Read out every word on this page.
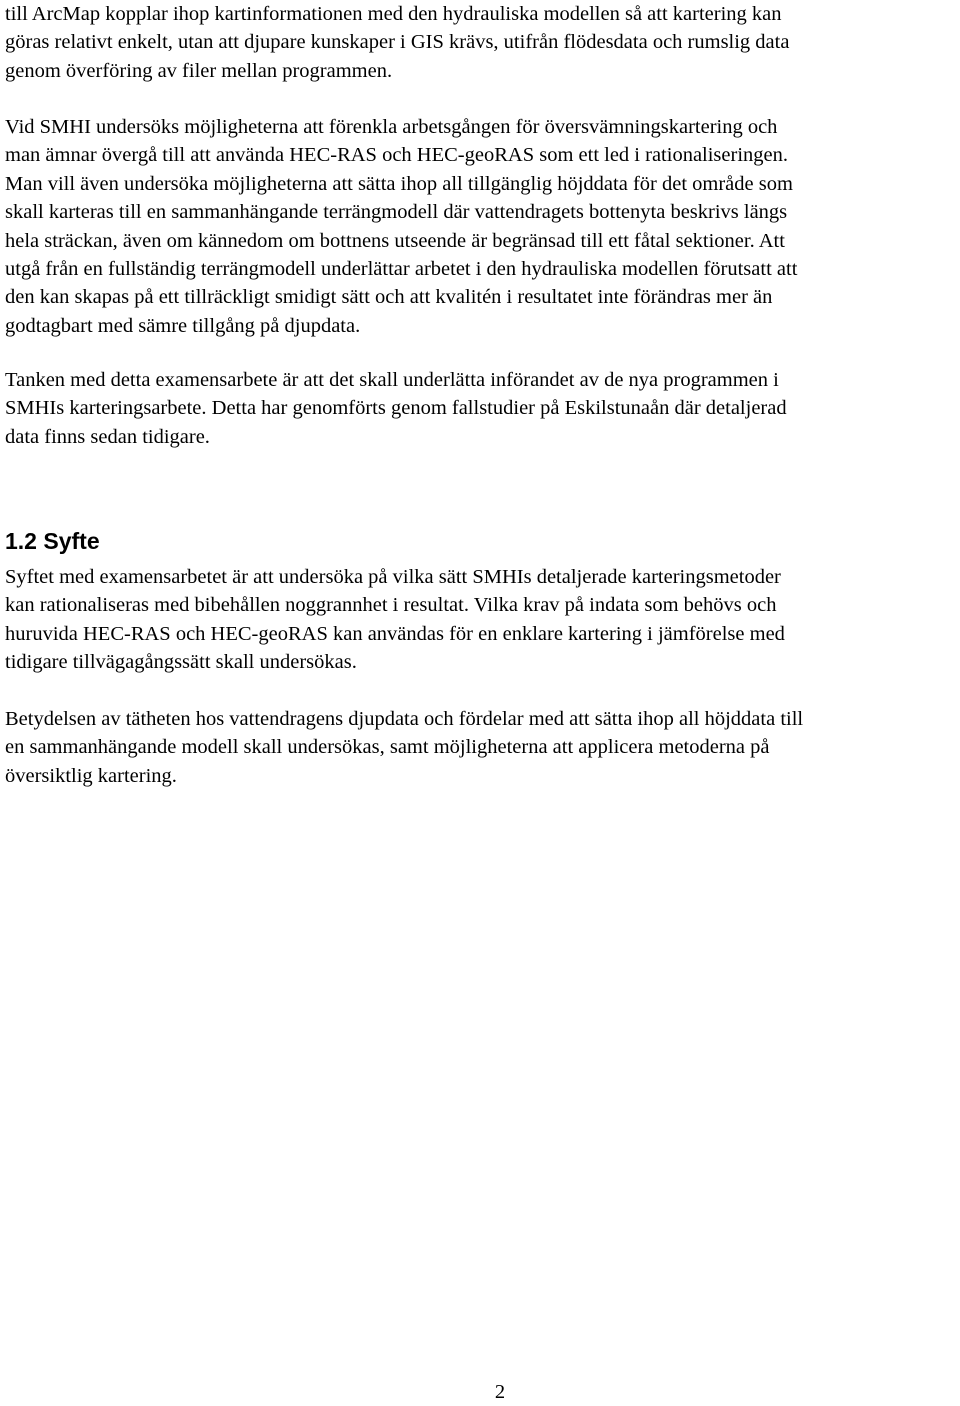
till ArcMap kopplar ihop kartinformationen med den hydrauliska modellen så att kartering kan
göras relativt enkelt, utan att djupare kunskaper i GIS krävs, utifrån flödesdata och rumslig data
genom överföring av filer mellan programmen.

Vid SMHI undersöks möjligheterna att förenkla arbetsgången för översvämningskartering och
man ämnar övergå till att använda HEC-RAS och HEC-geoRAS som ett led i rationaliseringen.
Man vill även undersöka möjligheterna att sätta ihop all tillgänglig höjddata för det område som
skall karteras till en sammanhängande terrängmodell där vattendragets bottenyta beskrivs längs
hela sträckan, även om kännedom om bottnens utseende är begränsad till ett fåtal sektioner. Att
utgå från en fullständig terrängmodell underlättar arbetet i den hydrauliska modellen förutsatt att
den kan skapas på ett tillräckligt smidigt sätt och att kvalitén i resultatet inte förändras mer än
godtagbart med sämre tillgång på djupdata.

Tanken med detta examensarbete är att det skall underlätta införandet av de nya programmen i
SMHIs karteringsarbete. Detta har genomförts genom fallstudier på Eskilstunaån där detaljerad
data finns sedan tidigare.

1.2 Syfte

Syftet med examensarbetet är att undersöka på vilka sätt SMHIs detaljerade karteringsmetoder
kan rationaliseras med bibehållen noggrannhet i resultat. Vilka krav på indata som behövs och
huruvida HEC-RAS och HEC-geoRAS kan användas för en enklare kartering i jämförelse med
tidigare tillvägagångssätt skall undersökas.

Betydelsen av tätheten hos vattendragens djupdata och fördelar med att sätta ihop all höjddata till
en sammanhängande modell skall undersökas, samt möjligheterna att applicera metoderna på
översiktlig kartering.

2
